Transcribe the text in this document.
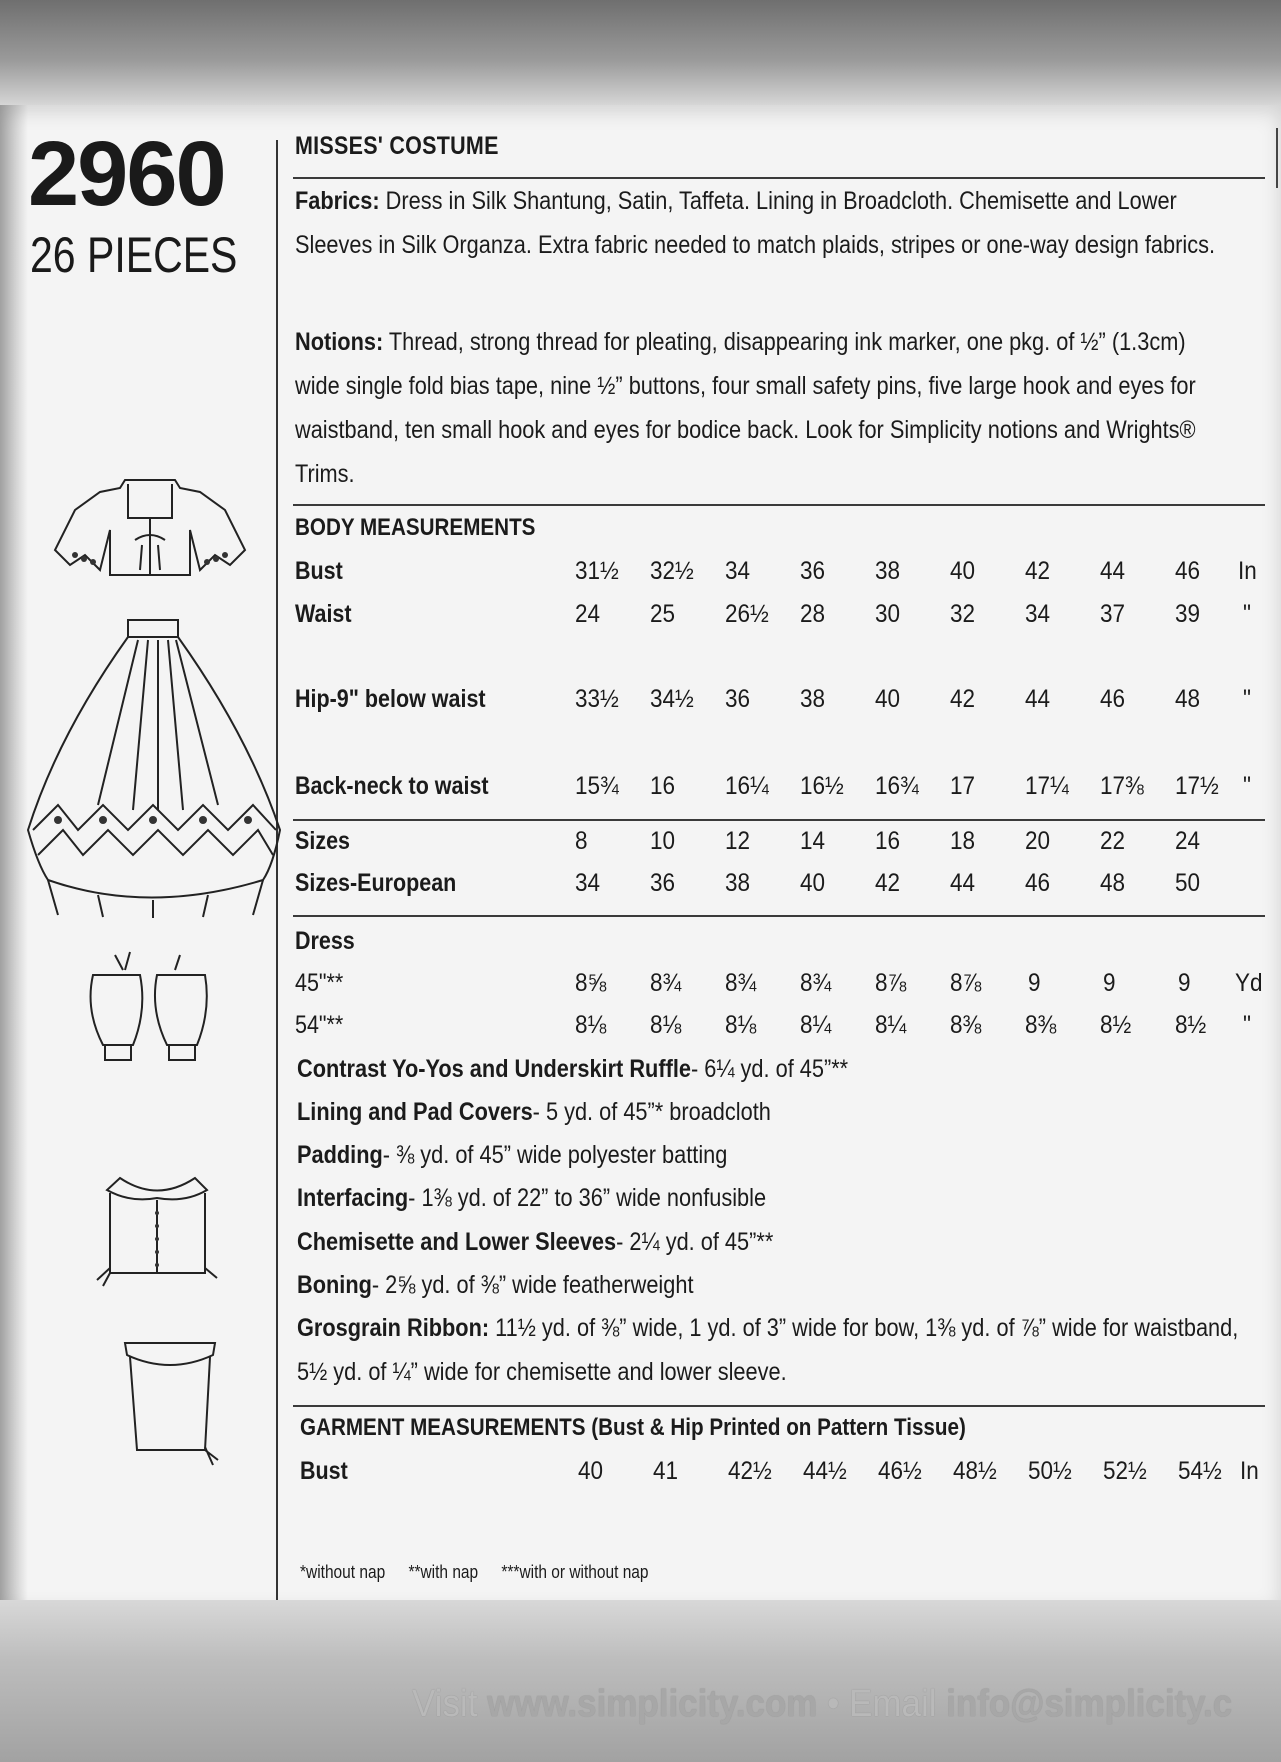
2960
26 PIECES
MISSES' COSTUME
Fabrics: Dress in Silk Shantung, Satin, Taffeta. Lining in Broadcloth. Chemisette and Lower
Sleeves in Silk Organza. Extra fabric needed to match plaids, stripes or one-way design fabrics.
Notions: Thread, strong thread for pleating, disappearing ink marker, one pkg. of ½” (1.3cm)
wide single fold bias tape, nine ½” buttons, four small safety pins, five large hook and eyes for
waistband, ten small hook and eyes for bodice back. Look for Simplicity notions and Wrights®
Trims.
BODY MEASUREMENTS
Bust	31½ 32½ 34 36 38 40 42 44 46 In
Waist	24 25 26½ 28 30 32 34 37 39 "
Hip-9" below waist	33½ 34½ 36 38 40 42 44 46 48 "
Back-neck to waist	15¾ 16 16¼ 16½ 16¾ 17 17¼ 17⅜ 17½ "
Sizes	8 10 12 14 16 18 20 22 24
Sizes-European	34 36 38 40 42 44 46 48 50
Dress
45"**	8⅝ 8¾ 8¾ 8¾ 8⅞ 8⅞ 9 9 9 Yd
54"**	8⅛ 8⅛ 8⅛ 8¼ 8¼ 8⅜ 8⅜ 8½ 8½ "
Contrast Yo-Yos and Underskirt Ruffle- 6¼ yd. of 45”**
Lining and Pad Covers- 5 yd. of 45”* broadcloth
Padding- ⅜ yd. of 45” wide polyester batting
Interfacing- 1⅜ yd. of 22” to 36” wide nonfusible
Chemisette and Lower Sleeves- 2¼ yd. of 45”**
Boning- 2⅝ yd. of ⅜” wide featherweight
Grosgrain Ribbon: 11½ yd. of ⅜” wide, 1 yd. of 3” wide for bow, 1⅜ yd. of ⅞” wide for waistband,
5½ yd. of ¼” wide for chemisette and lower sleeve.
GARMENT MEASUREMENTS (Bust & Hip Printed on Pattern Tissue)
Bust	40 41 42½ 44½ 46½ 48½ 50½ 52½ 54½ In
*without nap **with nap ***with or without nap
Visit www.simplicity.com • Email info@simplicity.c
